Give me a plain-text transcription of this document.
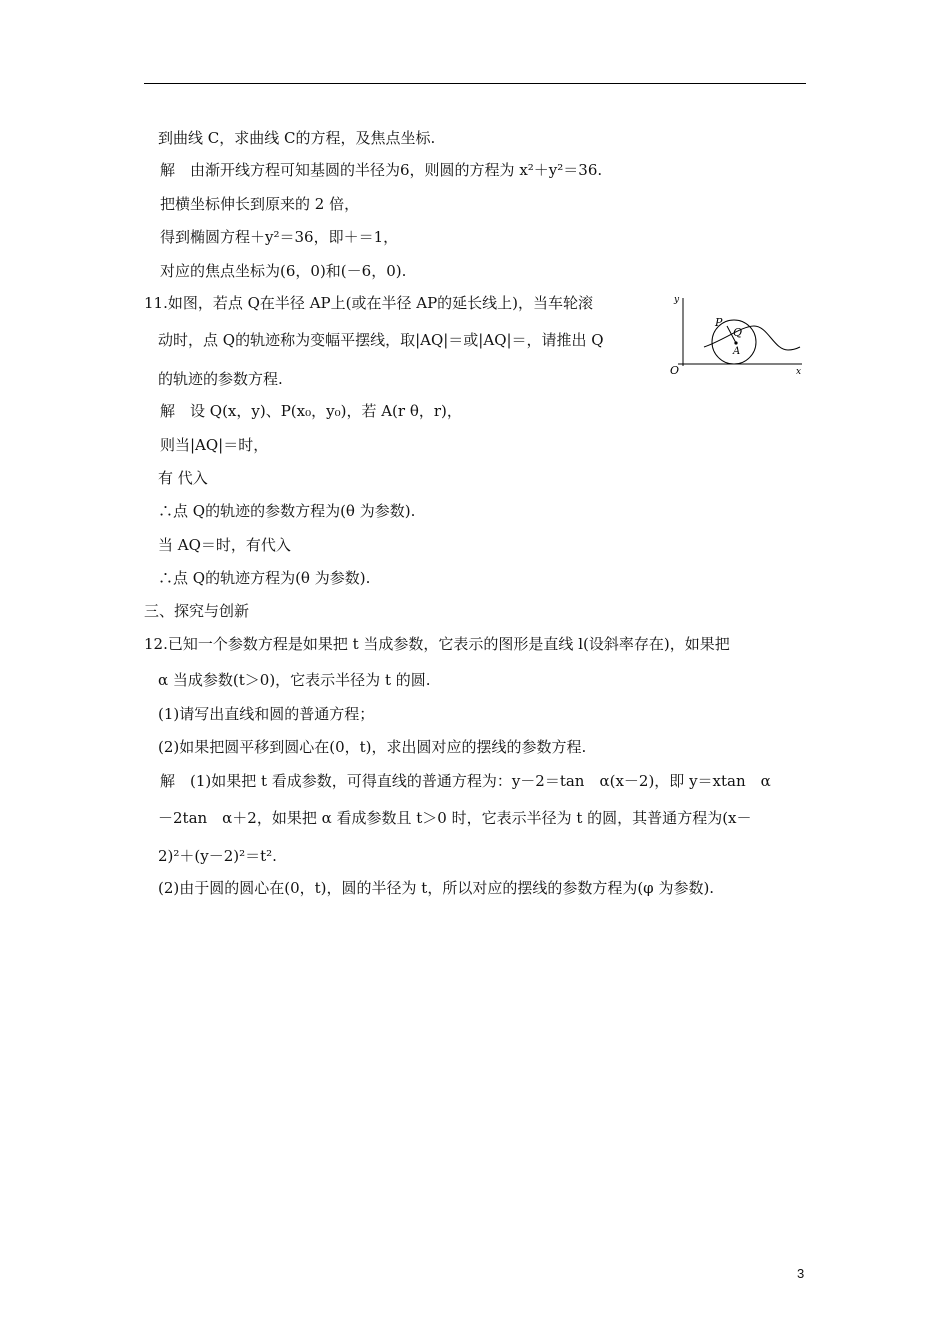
到曲线 C，求曲线 C的方程，及焦点坐标.
解　由渐开线方程可知基圆的半径为6，则圆的方程为 x²＋y²＝36.
把横坐标伸长到原来的 2 倍，
得到椭圆方程＋y²＝36，即＋＝1，
对应的焦点坐标为(6，0)和(－6，0).
11.如图，若点 Q在半径 AP上(或在半径 AP的延长线上)，当车轮滚
动时，点 Q的轨迹称为变幅平摆线，取|AQ|＝或|AQ|＝，请推出 Q
的轨迹的参数方程.
解　设 Q(x，y)、P(x₀，y₀)，若 A(r θ，r)，
则当|AQ|＝时，
有 代入
∴点 Q的轨迹的参数方程为(θ 为参数).
当 AQ＝时，有代入
∴点 Q的轨迹方程为(θ 为参数).
三、探究与创新
12.已知一个参数方程是如果把 t 当成参数，它表示的图形是直线 l(设斜率存在)，如果把
α 当成参数(t＞0)，它表示半径为 t 的圆.
(1)请写出直线和圆的普通方程；
(2)如果把圆平移到圆心在(0，t)，求出圆对应的摆线的参数方程.
解　(1)如果把 t 看成参数，可得直线的普通方程为：y－2＝tan　α(x－2)，即 y＝xtan　α
－2tan　α＋2，如果把 α 看成参数且 t＞0 时，它表示半径为 t 的圆，其普通方程为(x－
2)²＋(y－2)²＝t².
(2)由于圆的圆心在(0，t)，圆的半径为 t，所以对应的摆线的参数方程为(φ 为参数).
y
x
O
P
Q
A
3
